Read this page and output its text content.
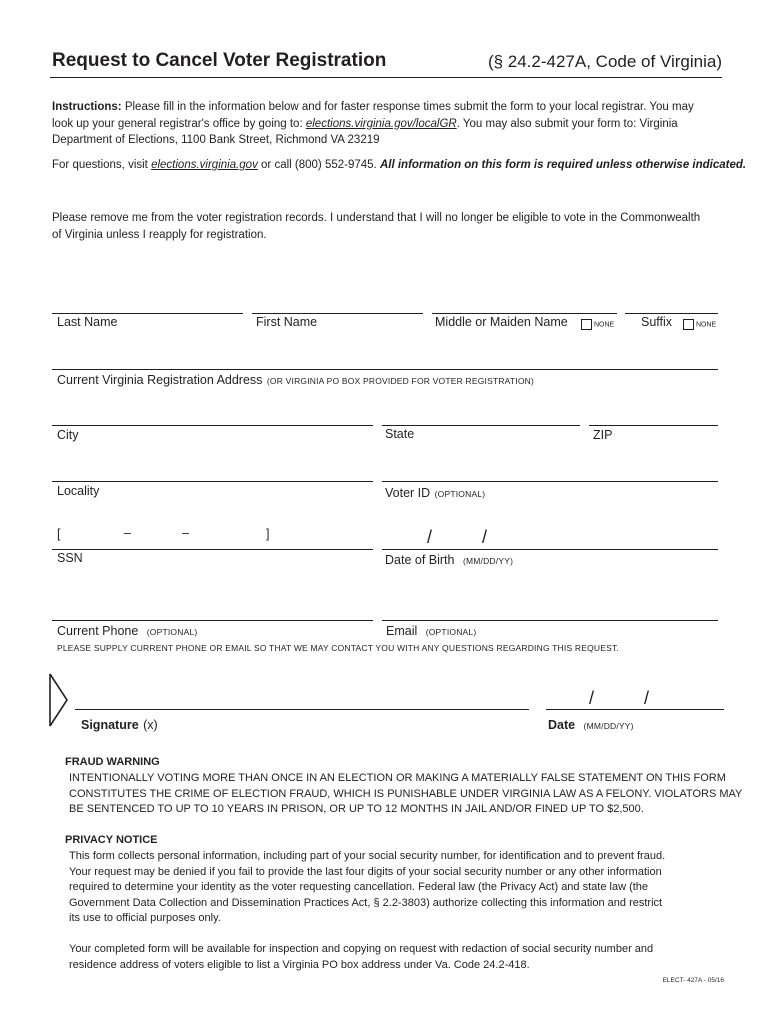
Request to Cancel Voter Registration	(§ 24.2-427A, Code of Virginia)
Instructions: Please fill in the information below and for faster response times submit the form to your local registrar. You may
look up your general registrar's office by going to: elections.virginia.gov/localGR. You may also submit your form to: Virginia
Department of Elections, 1100 Bank Street, Richmond VA 23219
For questions, visit elections.virginia.gov or call (800) 552-9745. All information on this form is required unless otherwise indicated.
Please remove me from the voter registration records. I understand that I will no longer be eligible to vote in the Commonwealth
of Virginia unless I reapply for registration.
Last Name	First Name	Middle or Maiden Name	NONE Suffix	NONE
Current Virginia Registration Address (OR VIRGINIA PO BOX PROVIDED FOR VOTER REGISTRATION)
City	State	ZIP
Locality	Voter ID (OPTIONAL)
[	–	–	]	/	/
SSN	Date of Birth (MM/DD/YY)
Current Phone (OPTIONAL)	Email (OPTIONAL)
PLEASE SUPPLY CURRENT PHONE OR EMAIL SO THAT WE MAY CONTACT YOU WITH ANY QUESTIONS REGARDING THIS REQUEST.
/	/
Signature (x)	Date (MM/DD/YY)
FRAUD WARNING
INTENTIONALLY VOTING MORE THAN ONCE IN AN ELECTION OR MAKING A MATERIALLY FALSE STATEMENT ON THIS FORM
CONSTITUTES THE CRIME OF ELECTION FRAUD, WHICH IS PUNISHABLE UNDER VIRGINIA LAW AS A FELONY. VIOLATORS MAY
BE SENTENCED TO UP TO 10 YEARS IN PRISON, OR UP TO 12 MONTHS IN JAIL AND/OR FINED UP TO $2,500.
PRIVACY NOTICE
This form collects personal information, including part of your social security number, for identification and to prevent fraud.
Your request may be denied if you fail to provide the last four digits of your social security number or any other information
required to determine your identity as the voter requesting cancellation. Federal law (the Privacy Act) and state law (the
Government Data Collection and Dissemination Practices Act, § 2.2-3803) authorize collecting this information and restrict
its use to official purposes only.
Your completed form will be available for inspection and copying on request with redaction of social security number and
residence address of voters eligible to list a Virginia PO box address under Va. Code 24.2-418.
ELECT- 427A - 05/16
